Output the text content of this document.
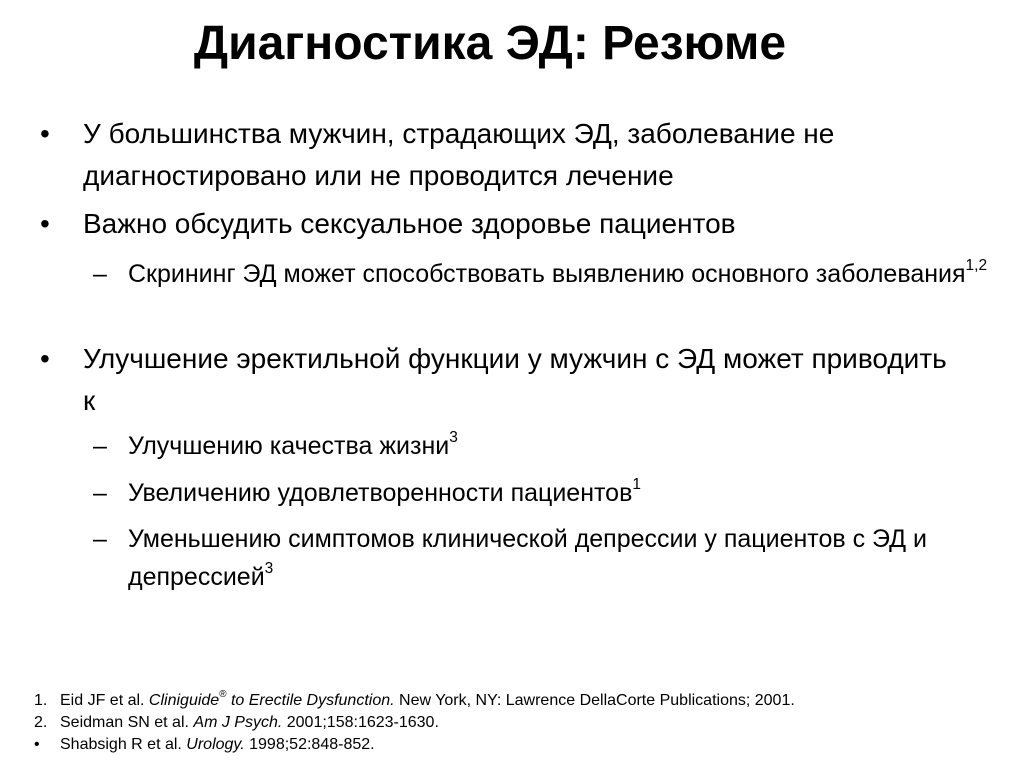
Диагностика ЭД: Резюме
• У большинства мужчин, страдающих ЭД, заболевание не диагностировано или не проводится лечение
• Важно обсудить сексуальное здоровье пациентов
– Скрининг ЭД может способствовать выявлению основного заболевания$^{1,2}$
• Улучшение эректильной функции у мужчин с ЭД может приводить к
– Улучшению качества жизни$^3$
– Увеличению удовлетворенности пациентов$^1$
– Уменьшению симптомов клинической депрессии у пациентов с ЭД и депрессией$^3$
1. Eid JF et al. Cliniguide® to Erectile Dysfunction. New York, NY: Lawrence DellaCorte Publications; 2001.
2. Seidman SN et al. Am J Psych. 2001;158:1623-1630.
• Shabsigh R et al. Urology. 1998;52:848-852.
